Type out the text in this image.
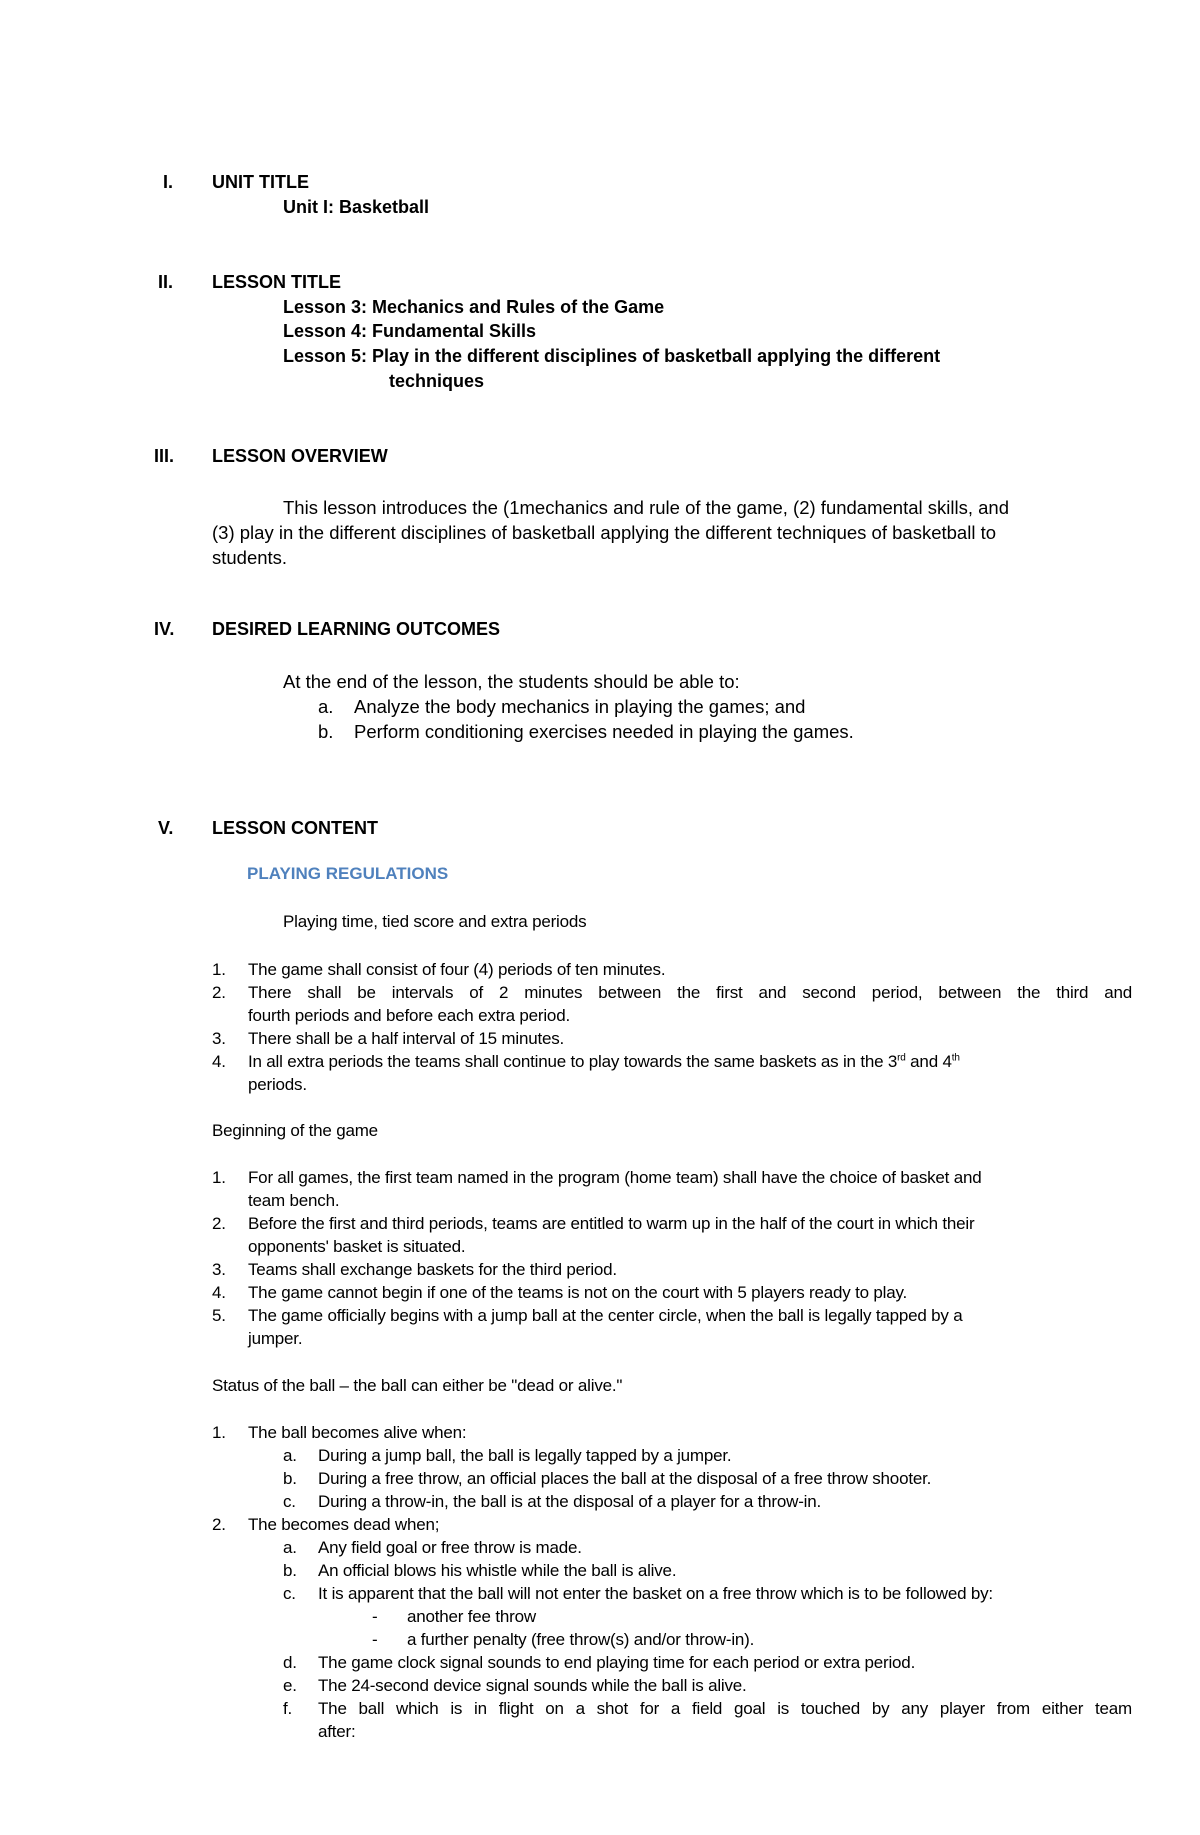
I. UNIT TITLE
Unit I: Basketball
II. LESSON TITLE
Lesson 3: Mechanics and Rules of the Game
Lesson 4: Fundamental Skills
Lesson 5: Play in the different disciplines of basketball applying the different
techniques
III. LESSON OVERVIEW
This lesson introduces the (1mechanics and rule of the game, (2) fundamental skills, and
(3) play in the different disciplines of basketball applying the different techniques of basketball to
students.
IV. DESIRED LEARNING OUTCOMES
At the end of the lesson, the students should be able to:
a. Analyze the body mechanics in playing the games; and
b. Perform conditioning exercises needed in playing the games.
V. LESSON CONTENT
PLAYING REGULATIONS
Playing time, tied score and extra periods
1. The game shall consist of four (4) periods of ten minutes.
2. There shall be intervals of 2 minutes between the first and second period, between the third and
fourth periods and before each extra period.
3. There shall be a half interval of 15 minutes.
4. In all extra periods the teams shall continue to play towards the same baskets as in the 3rd and 4th
periods.
Beginning of the game
1. For all games, the first team named in the program (home team) shall have the choice of basket and
team bench.
2. Before the first and third periods, teams are entitled to warm up in the half of the court in which their
opponents' basket is situated.
3. Teams shall exchange baskets for the third period.
4. The game cannot begin if one of the teams is not on the court with 5 players ready to play.
5. The game officially begins with a jump ball at the center circle, when the ball is legally tapped by a
jumper.
Status of the ball – the ball can either be "dead or alive."
1. The ball becomes alive when:
a. During a jump ball, the ball is legally tapped by a jumper.
b. During a free throw, an official places the ball at the disposal of a free throw shooter.
c. During a throw-in, the ball is at the disposal of a player for a throw-in.
2. The becomes dead when;
a. Any field goal or free throw is made.
b. An official blows his whistle while the ball is alive.
c. It is apparent that the ball will not enter the basket on a free throw which is to be followed by:
- another fee throw
- a further penalty (free throw(s) and/or throw-in).
d. The game clock signal sounds to end playing time for each period or extra period.
e. The 24-second device signal sounds while the ball is alive.
f. The ball which is in flight on a shot for a field goal is touched by any player from either team
after:
